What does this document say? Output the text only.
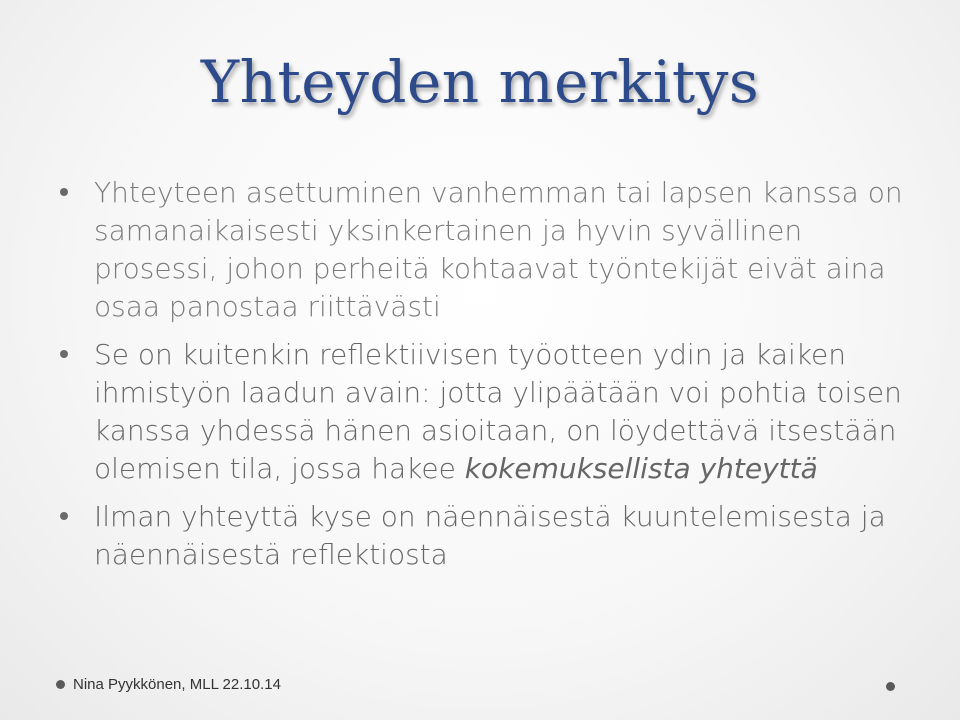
Yhteyden merkitys
Yhteyteen asettuminen vanhemman tai lapsen kanssa on samanaikaisesti yksinkertainen ja hyvin syvällinen prosessi, johon perheitä kohtaavat työntekijät eivät aina osaa panostaa riittävästi
Se on kuitenkin reflektiivisen työotteen ydin ja kaiken ihmistyön laadun avain: jotta ylipäätään voi pohtia toisen kanssa yhdessä hänen asioitaan, on löydettävä itsestään olemisen tila, jossa hakee kokemuksellista yhteyttä
Ilman yhteyttä kyse on näennäisestä kuuntelemisesta ja näennäisestä reflektiosta
Nina Pyykkönen, MLL 22.10.14
